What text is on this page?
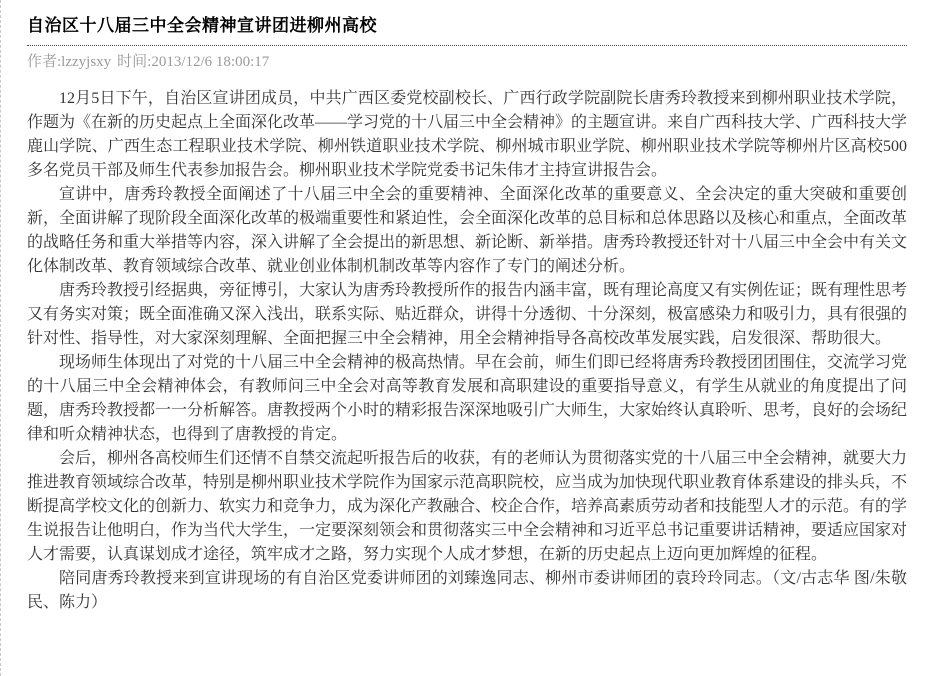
自治区十八届三中全会精神宣讲团进柳州高校
作者:lzzyjsxy 时间:2013/12/6 18:00:17

12月5日下午，自治区宣讲团成员，中共广西区委党校副校长、广西行政学院副院长唐秀玲教授来到柳州职业技术学院，作题为《在新的历史起点上全面深化改革——学习党的十八届三中全会精神》的主题宣讲。来自广西科技大学、广西科技大学鹿山学院、广西生态工程职业技术学院、柳州铁道职业技术学院、柳州城市职业学院、柳州职业技术学院等柳州片区高校500多名党员干部及师生代表参加报告会。柳州职业技术学院党委书记朱伟才主持宣讲报告会。

宣讲中，唐秀玲教授全面阐述了十八届三中全会的重要精神、全面深化改革的重要意义、全会决定的重大突破和重要创新，全面讲解了现阶段全面深化改革的极端重要性和紧迫性，会全面深化改革的总目标和总体思路以及核心和重点，全面改革的战略任务和重大举措等内容，深入讲解了全会提出的新思想、新论断、新举措。唐秀玲教授还针对十八届三中全会中有关文化体制改革、教育领域综合改革、就业创业体制机制改革等内容作了专门的阐述分析。

唐秀玲教授引经据典，旁征博引，大家认为唐秀玲教授所作的报告内涵丰富，既有理论高度又有实例佐证；既有理性思考又有务实对策；既全面准确又深入浅出，联系实际、贴近群众，讲得十分透彻、十分深刻，极富感染力和吸引力，具有很强的针对性、指导性，对大家深刻理解、全面把握三中全会精神，用全会精神指导各高校改革发展实践，启发很深、帮助很大。

现场师生体现出了对党的十八届三中全会精神的极高热情。早在会前，师生们即已经将唐秀玲教授团团围住，交流学习党的十八届三中全会精神体会，有教师问三中全会对高等教育发展和高职建设的重要指导意义，有学生从就业的角度提出了问题，唐秀玲教授都一一分析解答。唐教授两个小时的精彩报告深深地吸引广大师生，大家始终认真聆听、思考，良好的会场纪律和听众精神状态，也得到了唐教授的肯定。

会后，柳州各高校师生们还情不自禁交流起听报告后的收获，有的老师认为贯彻落实党的十八届三中全会精神，就要大力推进教育领域综合改革，特别是柳州职业技术学院作为国家示范高职院校，应当成为加快现代职业教育体系建设的排头兵，不断提高学校文化的创新力、软实力和竞争力，成为深化产教融合、校企合作，培养高素质劳动者和技能型人才的示范。有的学生说报告让他明白，作为当代大学生，一定要深刻领会和贯彻落实三中全会精神和习近平总书记重要讲话精神，要适应国家对人才需要，认真谋划成才途径，筑牢成才之路，努力实现个人成才梦想，在新的历史起点上迈向更加辉煌的征程。

陪同唐秀玲教授来到宣讲现场的有自治区党委讲师团的刘臻逸同志、柳州市委讲师团的袁玲玲同志。（文/古志华 图/朱敬民、陈力）
